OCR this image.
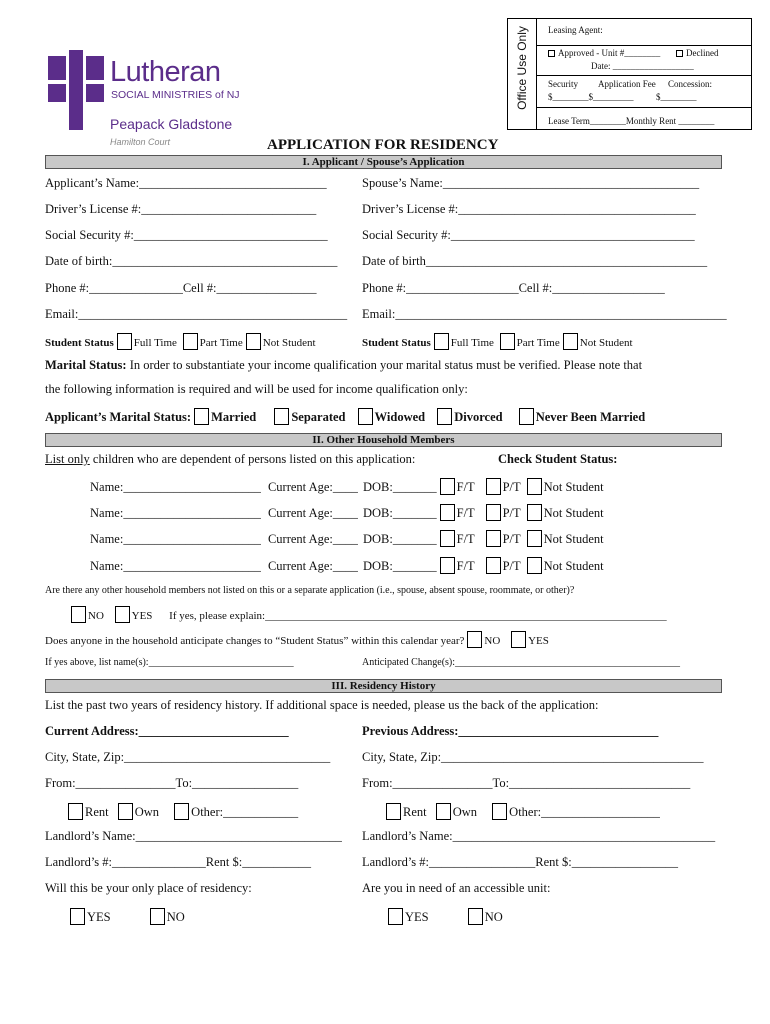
Office Use Only Leasing Agent:
Approved - Unit #________	Declined
Date: __________________
Security Application Fee Concession:
$________$_________          $________
Lease Term________Monthly Rent ________
Lutheran
SOCIAL MINISTRIES of NJ
Peapack Gladstone
Hamilton Court	APPLICATION FOR RESIDENCY
I. Applicant / Spouse’s Application
Applicant’s Name:______________________________	Spouse’s Name:_________________________________________
Driver’s License #:____________________________	Driver’s License #:______________________________________
Social Security #:_______________________________	Social Security #:_______________________________________
Date of birth:____________________________________ Date of birth_____________________________________________
Phone #:_______________Cell #:________________	Phone #:__________________Cell #:__________________
Email:___________________________________________ Email:_____________________________________________________
Student Status Full Time Part Time Not Student	Student Status Full Time Part Time Not Student
Marital Status: In order to substantiate your income qualification your marital status must be verified. Please note that
the following information is required and will be used for income qualification only:
Applicant’s Marital Status: Married	Separated Widowed Divorced	Never Been Married
II. Other Household Members
List only children who are dependent of persons listed on this application:	Check Student Status:
Name:______________________ Current Age:____ DOB:_______ F/T P/T Not Student
Name:______________________ Current Age:____ DOB:_______ F/T P/T Not Student
Name:______________________ Current Age:____ DOB:_______ F/T P/T Not Student
Name:______________________ Current Age:____ DOB:_______ F/T P/T Not Student
Are there any other household members not listed on this or a separate application (i.e., spouse, absent spouse, roommate, or other)?
NO	YES If yes, please explain:_________________________________________________________________________
Does anyone in the household anticipate changes to “Student Status” within this calendar year? NO	YES
If yes above, list name(s):_____________________________	Anticipated Change(s):_____________________________________________
III. Residency History
List the past two years of residency history. If additional space is needed, please us the back of the application:
Current Address:________________________	Previous Address:________________________________
City, State, Zip:_________________________________	City, State, Zip:__________________________________________
From:________________To:_________________	From:________________To:_____________________________
Rent Own	Other:____________	Rent Own	Other:___________________
Landlord’s Name:_________________________________ Landlord’s Name:__________________________________________
Landlord’s #:_______________Rent $:___________	Landlord’s #:_________________Rent $:_________________
Will this be your only place of residency:	Are you in need of an accessible unit:
YES	NO	YES	NO
